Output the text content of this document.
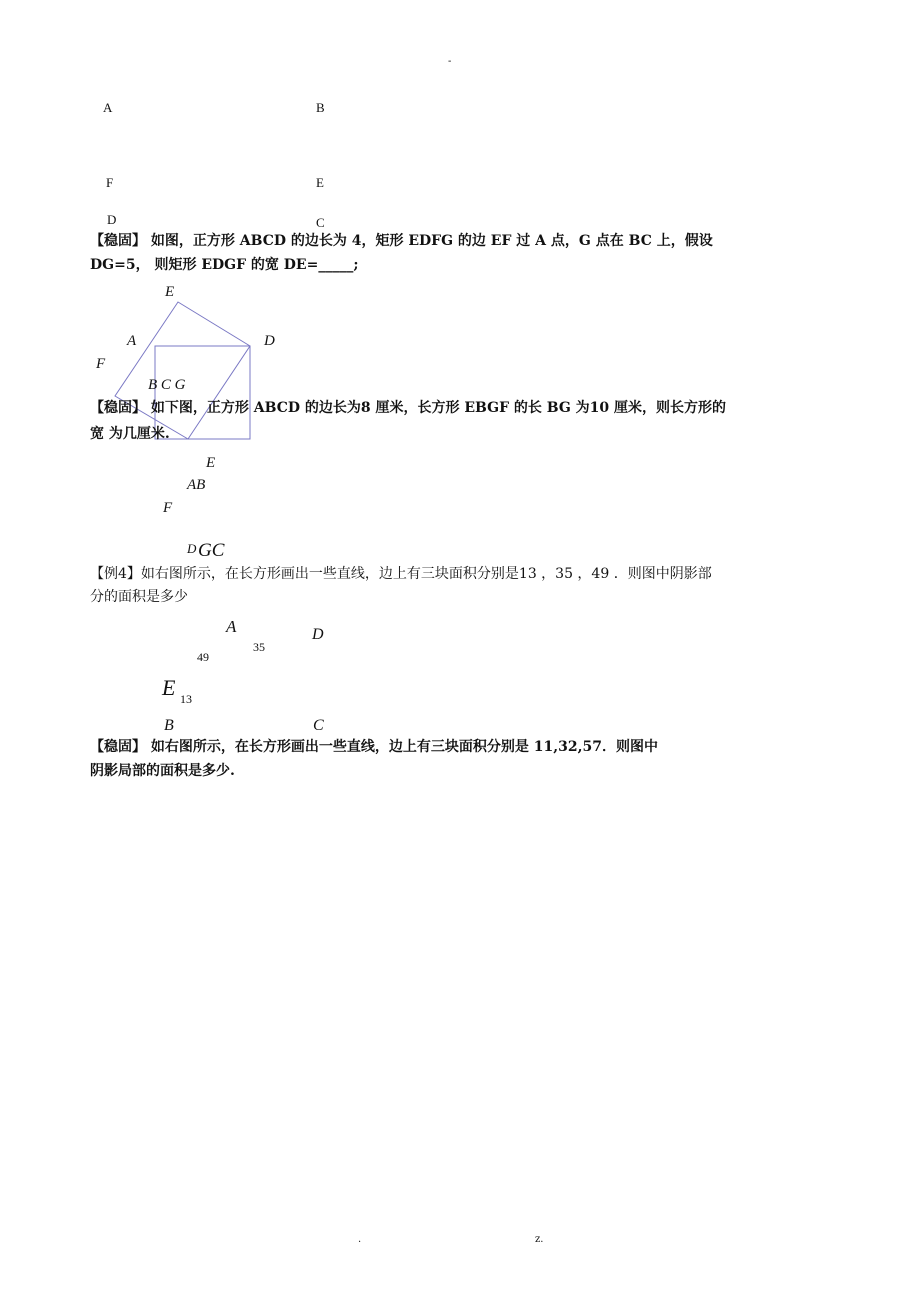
-
A	B
F	E
D	C
【稳固】 如图，正方形 ABCD 的边长为 4，矩形 EDFG 的边 EF 过 A 点，G 点在 BC 上，假设
DG=5， 则矩形 EDGF 的宽 DE=_____;
E
A	D
F
B C G
【稳固】 如下图，正方形 ABCD 的边长为8 厘米，长方形 EBGF 的长 BG 为10 厘米，则长方形的
宽 为几厘米.
E
AB
F
D GC
【例4】如右图所示，在长方形画出一些直线，边上有三块面积分别是13 ，35 ，49 ．则图中阴影部
分的面积是多少
A	D
35
49
E 13
B	C
【稳固】 如右图所示，在长方形画出一些直线，边上有三块面积分别是 11,32,57．则图中
阴影局部的面积是多少.
.	z.
